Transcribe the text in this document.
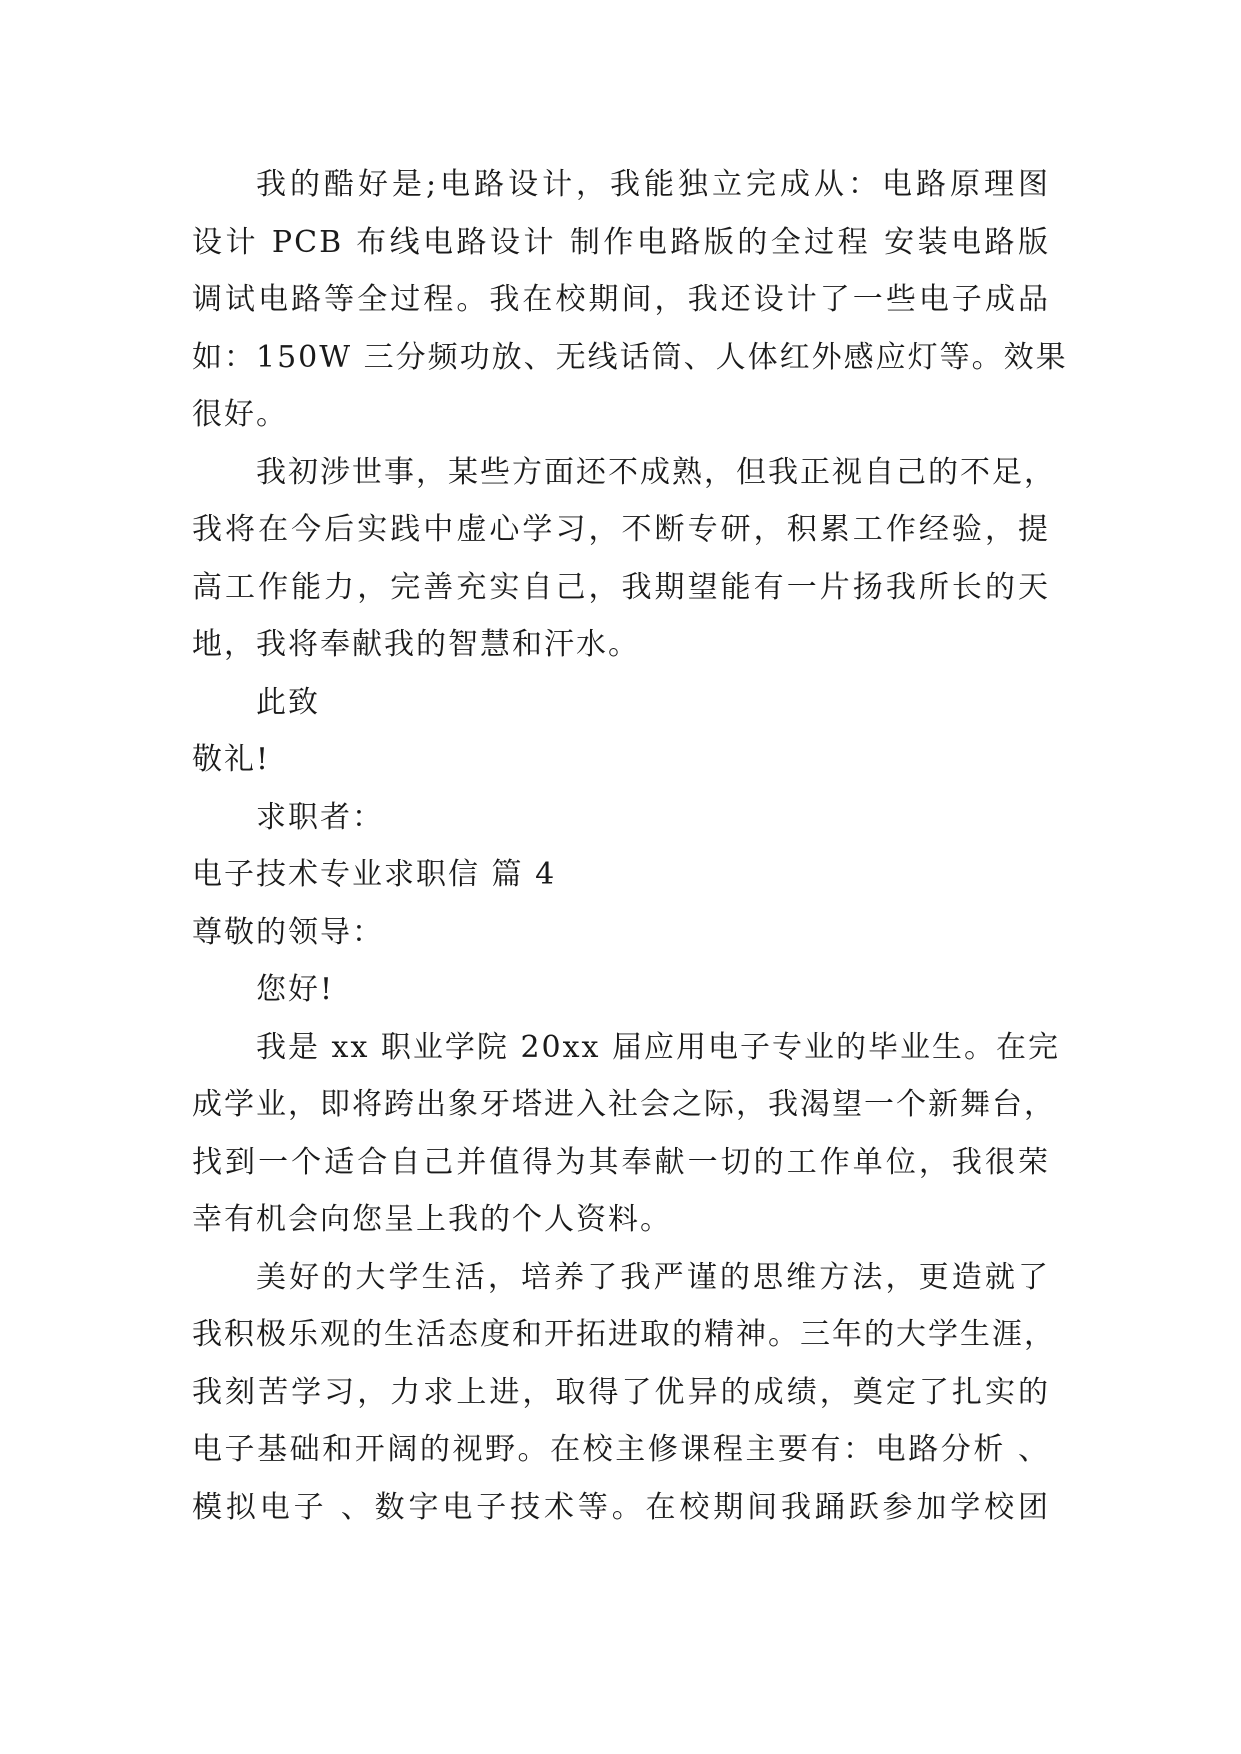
我的酷好是;电路设计，我能独立完成从：电路原理图
设计 PCB 布线电路设计 制作电路版的全过程 安装电路版
调试电路等全过程。我在校期间，我还设计了一些电子成品
如：150W 三分频功放、无线话筒、人体红外感应灯等。效果
很好。
我初涉世事，某些方面还不成熟，但我正视自己的不足，
我将在今后实践中虚心学习，不断专研，积累工作经验，提
高工作能力，完善充实自己，我期望能有一片扬我所长的天
地，我将奉献我的智慧和汗水。
此致
敬礼!
求职者：
电子技术专业求职信 篇 4
尊敬的领导：
您好!
我是 xx 职业学院 20xx 届应用电子专业的毕业生。在完
成学业，即将跨出象牙塔进入社会之际，我渴望一个新舞台，
找到一个适合自己并值得为其奉献一切的工作单位，我很荣
幸有机会向您呈上我的个人资料。
美好的大学生活，培养了我严谨的思维方法，更造就了
我积极乐观的生活态度和开拓进取的精神。三年的大学生涯，
我刻苦学习，力求上进，取得了优异的成绩，奠定了扎实的
电子基础和开阔的视野。在校主修课程主要有：电路分析 、
模拟电子 、数字电子技术等。在校期间我踊跃参加学校团
